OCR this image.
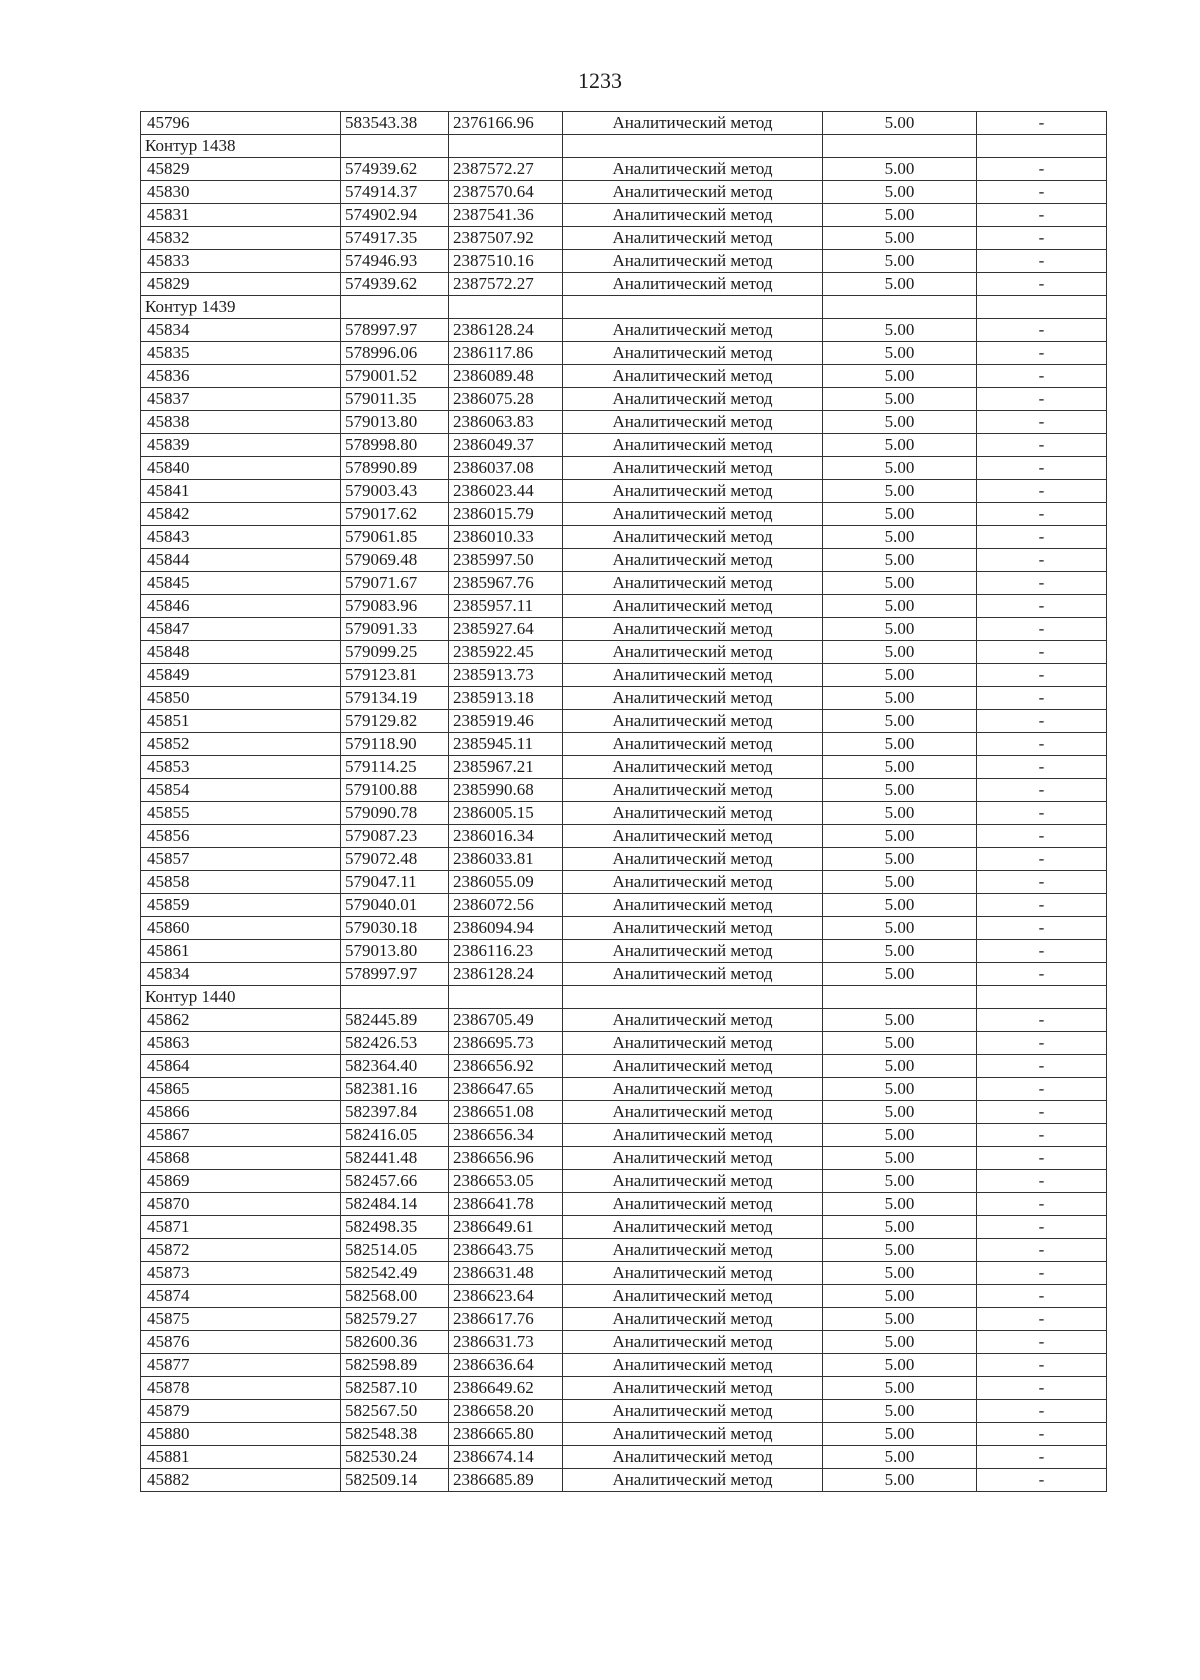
1233
45796	583543.38	2376166.96	Аналитический метод	5.00	-
Контур 1438					
45829	574939.62	2387572.27	Аналитический метод	5.00	-
45830	574914.37	2387570.64	Аналитический метод	5.00	-
45831	574902.94	2387541.36	Аналитический метод	5.00	-
45832	574917.35	2387507.92	Аналитический метод	5.00	-
45833	574946.93	2387510.16	Аналитический метод	5.00	-
45829	574939.62	2387572.27	Аналитический метод	5.00	-
Контур 1439					
45834	578997.97	2386128.24	Аналитический метод	5.00	-
45835	578996.06	2386117.86	Аналитический метод	5.00	-
45836	579001.52	2386089.48	Аналитический метод	5.00	-
45837	579011.35	2386075.28	Аналитический метод	5.00	-
45838	579013.80	2386063.83	Аналитический метод	5.00	-
45839	578998.80	2386049.37	Аналитический метод	5.00	-
45840	578990.89	2386037.08	Аналитический метод	5.00	-
45841	579003.43	2386023.44	Аналитический метод	5.00	-
45842	579017.62	2386015.79	Аналитический метод	5.00	-
45843	579061.85	2386010.33	Аналитический метод	5.00	-
45844	579069.48	2385997.50	Аналитический метод	5.00	-
45845	579071.67	2385967.76	Аналитический метод	5.00	-
45846	579083.96	2385957.11	Аналитический метод	5.00	-
45847	579091.33	2385927.64	Аналитический метод	5.00	-
45848	579099.25	2385922.45	Аналитический метод	5.00	-
45849	579123.81	2385913.73	Аналитический метод	5.00	-
45850	579134.19	2385913.18	Аналитический метод	5.00	-
45851	579129.82	2385919.46	Аналитический метод	5.00	-
45852	579118.90	2385945.11	Аналитический метод	5.00	-
45853	579114.25	2385967.21	Аналитический метод	5.00	-
45854	579100.88	2385990.68	Аналитический метод	5.00	-
45855	579090.78	2386005.15	Аналитический метод	5.00	-
45856	579087.23	2386016.34	Аналитический метод	5.00	-
45857	579072.48	2386033.81	Аналитический метод	5.00	-
45858	579047.11	2386055.09	Аналитический метод	5.00	-
45859	579040.01	2386072.56	Аналитический метод	5.00	-
45860	579030.18	2386094.94	Аналитический метод	5.00	-
45861	579013.80	2386116.23	Аналитический метод	5.00	-
45834	578997.97	2386128.24	Аналитический метод	5.00	-
Контур 1440					
45862	582445.89	2386705.49	Аналитический метод	5.00	-
45863	582426.53	2386695.73	Аналитический метод	5.00	-
45864	582364.40	2386656.92	Аналитический метод	5.00	-
45865	582381.16	2386647.65	Аналитический метод	5.00	-
45866	582397.84	2386651.08	Аналитический метод	5.00	-
45867	582416.05	2386656.34	Аналитический метод	5.00	-
45868	582441.48	2386656.96	Аналитический метод	5.00	-
45869	582457.66	2386653.05	Аналитический метод	5.00	-
45870	582484.14	2386641.78	Аналитический метод	5.00	-
45871	582498.35	2386649.61	Аналитический метод	5.00	-
45872	582514.05	2386643.75	Аналитический метод	5.00	-
45873	582542.49	2386631.48	Аналитический метод	5.00	-
45874	582568.00	2386623.64	Аналитический метод	5.00	-
45875	582579.27	2386617.76	Аналитический метод	5.00	-
45876	582600.36	2386631.73	Аналитический метод	5.00	-
45877	582598.89	2386636.64	Аналитический метод	5.00	-
45878	582587.10	2386649.62	Аналитический метод	5.00	-
45879	582567.50	2386658.20	Аналитический метод	5.00	-
45880	582548.38	2386665.80	Аналитический метод	5.00	-
45881	582530.24	2386674.14	Аналитический метод	5.00	-
45882	582509.14	2386685.89	Аналитический метод	5.00	-
